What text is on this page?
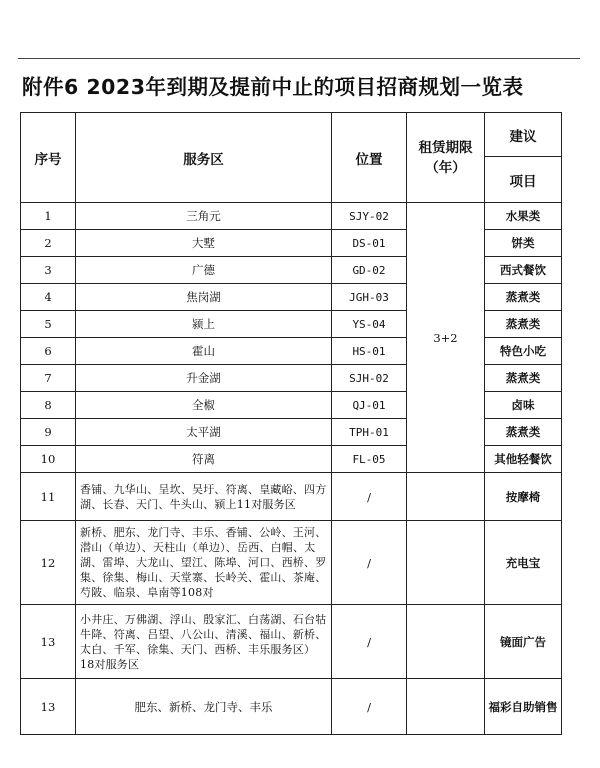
附件6 2023年到期及提前中止的项目招商规划一览表
序号	服务区	位置	租赁期限（年）	建议
				项目
1	三角元	SJY-02	3+2	水果类
2	大墅	DS-01		饼类
3	广德	GD-02		西式餐饮
4	焦岗湖	JGH-03		蒸煮类
5	颍上	YS-04		蒸煮类
6	霍山	HS-01		特色小吃
7	升金湖	SJH-02		蒸煮类
8	全椒	QJ-01		卤味
9	太平湖	TPH-01		蒸煮类
10	符离	FL-05		其他轻餐饮
11	香铺、九华山、呈坎、吴圩、符离、皇藏峪、四方湖、长春、天门、牛头山、颍上11对服务区	/		按摩椅
12	新桥、肥东、龙门寺、丰乐、香铺、公岭、王河、潜山（单边）、天柱山（单边）、岳西、白帽、太湖、雷埠、大龙山、望江、陈埠、河口、西桥、罗集、徐集、梅山、天堂寨、长岭关、霍山、茶庵、芍陂、临泉、阜南等108对	/		充电宝
13	小井庄、万佛湖、浮山、殷家汇、白荡湖、石台牯牛降、符离、吕望、八公山、清溪、福山、新桥、太白、千军、徐集、天门、西桥、丰乐服务区）18对服务区	/		镜面广告
13	肥东、新桥、龙门寺、丰乐	/		福彩自助销售
